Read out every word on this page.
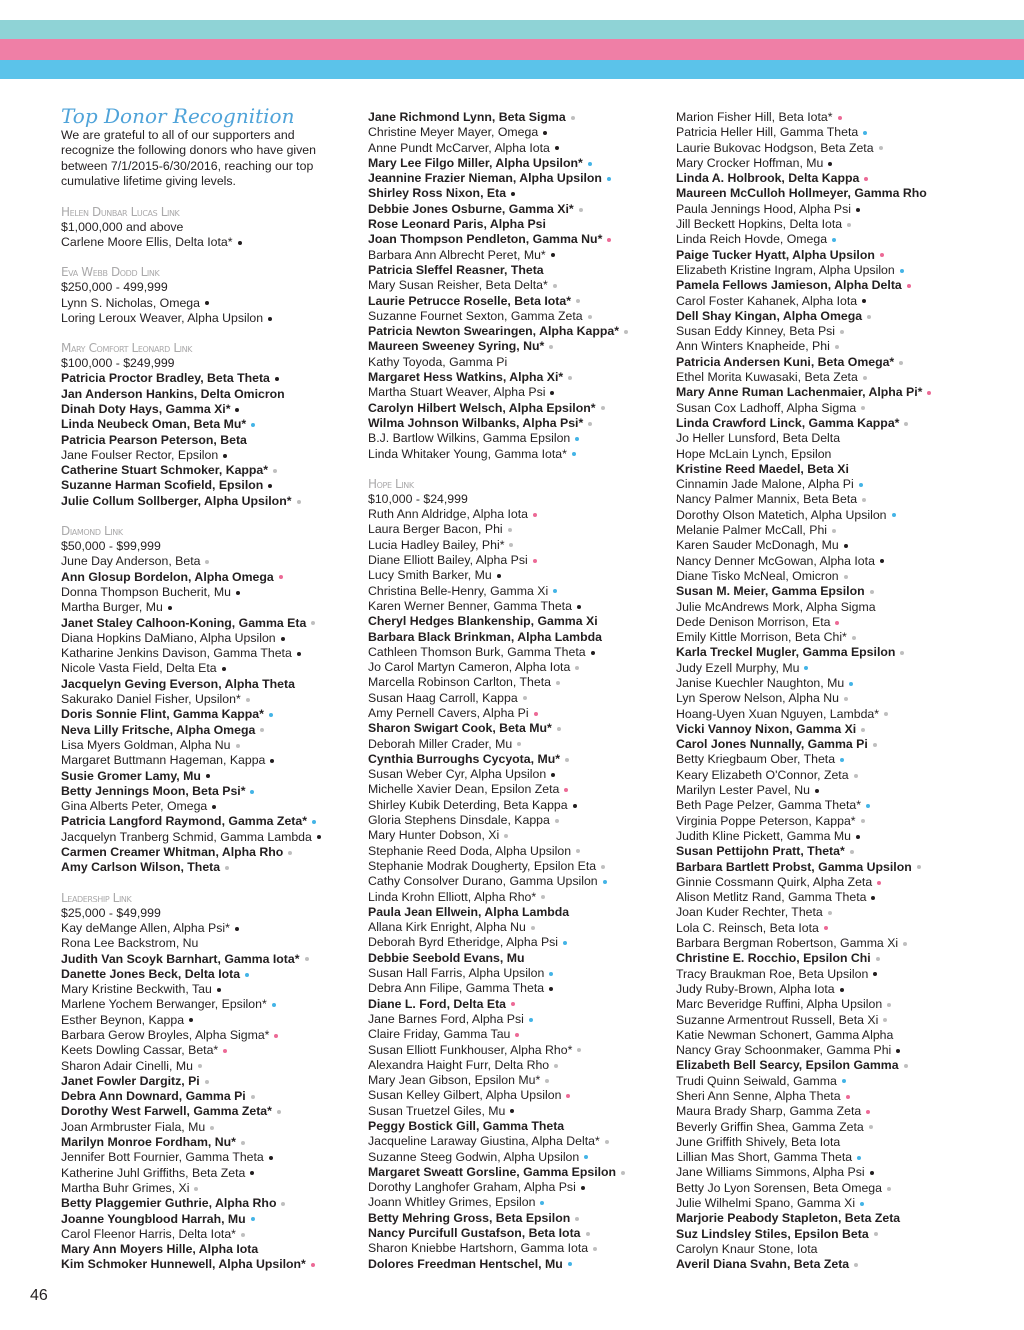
Top Donor Recognition
We are grateful to all of our supporters and recognize the following donors who have given between 7/1/2015-6/30/2016, reaching our top cumulative lifetime giving levels.
Helen Dunbar Lucas Link
$1,000,000 and above
Carlene Moore Ellis, Delta Iota*
Eva Webb Dodd Link
$250,000 - 499,999
Lynn S. Nicholas, Omega
Loring Leroux Weaver, Alpha Upsilon
Mary Comfort Leonard Link
$100,000 - $249,999
Patricia Proctor Bradley, Beta Theta
Jan Anderson Hankins, Delta Omicron
Dinah Doty Hays, Gamma Xi*
Linda Neubeck Oman, Beta Mu*
Patricia Pearson Peterson, Beta
Jane Foulser Rector, Epsilon
Catherine Stuart Schmoker, Kappa*
Suzanne Harman Scofield, Epsilon
Julie Collum Sollberger, Alpha Upsilon*
Diamond Link
$50,000 - $99,999
June Day Anderson, Beta
Ann Glosup Bordelon, Alpha Omega
Donna Thompson Bucherit, Mu
Martha Burger, Mu
Janet Staley Calhoon-Koning, Gamma Eta
Diana Hopkins DaMiano, Alpha Upsilon
Katharine Jenkins Davison, Gamma Theta
Nicole Vasta Field, Delta Eta
Jacquelyn Geving Everson, Alpha Theta
Sakurako Daniel Fisher, Upsilon*
Doris Sonnie Flint, Gamma Kappa*
Neva Lilly Fritsche, Alpha Omega
Lisa Myers Goldman, Alpha Nu
Margaret Buttmann Hageman, Kappa
Susie Gromer Lamy, Mu
Betty Jennings Moon, Beta Psi*
Gina Alberts Peter, Omega
Patricia Langford Raymond, Gamma Zeta*
Jacquelyn Tranberg Schmid, Gamma Lambda
Carmen Creamer Whitman, Alpha Rho
Amy Carlson Wilson, Theta
Leadership Link
$25,000 - $49,999
Kay deMange Allen, Alpha Psi*
Rona Lee Backstrom, Nu
Judith Van Scoyk Barnhart, Gamma Iota*
Danette Jones Beck, Delta Iota
Mary Kristine Beckwith, Tau
Marlene Yochem Berwanger, Epsilon*
Esther Beynon, Kappa
Barbara Gerow Broyles, Alpha Sigma*
Keets Dowling Cassar, Beta*
Sharon Adair Cinelli, Mu
Janet Fowler Dargitz, Pi
Debra Ann Downard, Gamma Pi
Dorothy West Farwell, Gamma Zeta*
Joan Armbruster Fiala, Mu
Marilyn Monroe Fordham, Nu*
Jennifer Bott Fournier, Gamma Theta
Katherine Juhl Griffiths, Beta Zeta
Martha Buhr Grimes, Xi
Betty Plaggemier Guthrie, Alpha Rho
Joanne Youngblood Harrah, Mu
Carol Fleenor Harris, Delta Iota*
Mary Ann Moyers Hille, Alpha Iota
Kim Schmoker Hunnewell, Alpha Upsilon*
Jane Richmond Lynn, Beta Sigma
Christine Meyer Mayer, Omega
Anne Pundt McCarver, Alpha Iota
Mary Lee Filgo Miller, Alpha Upsilon*
Jeannine Frazier Nieman, Alpha Upsilon
Shirley Ross Nixon, Eta
Debbie Jones Osburne, Gamma Xi*
Rose Leonard Paris, Alpha Psi
Joan Thompson Pendleton, Gamma Nu*
Barbara Ann Albrecht Peret, Mu*
Patricia Sleffel Reasner, Theta
Mary Susan Reisher, Beta Delta*
Laurie Petrucce Roselle, Beta Iota*
Suzanne Fournet Sexton, Gamma Zeta
Patricia Newton Swearingen, Alpha Kappa*
Maureen Sweeney Syring, Nu*
Kathy Toyoda, Gamma Pi
Margaret Hess Watkins, Alpha Xi*
Martha Stuart Weaver, Alpha Psi
Carolyn Hilbert Welsch, Alpha Epsilon*
Wilma Johnson Wilbanks, Alpha Psi*
B.J. Bartlow Wilkins, Gamma Epsilon
Linda Whitaker Young, Gamma Iota*
Hope Link
$10,000 - $24,999
Ruth Ann Aldridge, Alpha Iota
Laura Berger Bacon, Phi
Lucia Hadley Bailey, Phi*
Diane Elliott Bailey, Alpha Psi
Lucy Smith Barker, Mu
Christina Belle-Henry, Gamma Xi
Karen Werner Benner, Gamma Theta
Cheryl Hedges Blankenship, Gamma Xi
Barbara Black Brinkman, Alpha Lambda
Cathleen Thomson Burk, Gamma Theta
Jo Carol Martyn Cameron, Alpha Iota
Marcella Robinson Carlton, Theta
Susan Haag Carroll, Kappa
Amy Pernell Cavers, Alpha Pi
Sharon Swigart Cook, Beta Mu*
Deborah Miller Crader, Mu
Cynthia Burroughs Cycyota, Mu*
Susan Weber Cyr, Alpha Upsilon
Michelle Xavier Dean, Epsilon Zeta
Shirley Kubik Deterding, Beta Kappa
Gloria Stephens Dinsdale, Kappa
Mary Hunter Dobson, Xi
Stephanie Reed Doda, Alpha Upsilon
Stephanie Modrak Dougherty, Epsilon Eta
Cathy Consolver Durano, Gamma Upsilon
Linda Krohn Elliott, Alpha Rho*
Paula Jean Ellwein, Alpha Lambda
Allana Kirk Enright, Alpha Nu
Deborah Byrd Etheridge, Alpha Psi
Debbie Seebold Evans, Mu
Susan Hall Farris, Alpha Upsilon
Debra Ann Filipe, Gamma Theta
Diane L. Ford, Delta Eta
Jane Barnes Ford, Alpha Psi
Claire Friday, Gamma Tau
Susan Elliott Funkhouser, Alpha Rho*
Alexandra Haight Furr, Delta Rho
Mary Jean Gibson, Epsilon Mu*
Susan Kelley Gilbert, Alpha Upsilon
Susan Truetzel Giles, Mu
Peggy Bostick Gill, Gamma Theta
Jacqueline Laraway Giustina, Alpha Delta*
Suzanne Steeg Godwin, Alpha Upsilon
Margaret Sweatt Gorsline, Gamma Epsilon
Dorothy Langhofer Graham, Alpha Psi
Joann Whitley Grimes, Epsilon
Betty Mehring Gross, Beta Epsilon
Nancy Purcifull Gustafson, Beta Iota
Sharon Kniebbe Hartshorn, Gamma Iota
Dolores Freedman Hentschel, Mu
Marion Fisher Hill, Beta Iota*
Patricia Heller Hill, Gamma Theta
Laurie Bukovac Hodgson, Beta Zeta
Mary Crocker Hoffman, Mu
Linda A. Holbrook, Delta Kappa
Maureen McCulloh Hollmeyer, Gamma Rho
Paula Jennings Hood, Alpha Psi
Jill Beckett Hopkins, Delta Iota
Linda Reich Hovde, Omega
Paige Tucker Hyatt, Alpha Upsilon
Elizabeth Kristine Ingram, Alpha Upsilon
Pamela Fellows Jamieson, Alpha Delta
Carol Foster Kahanek, Alpha Iota
Dell Shay Kingan, Alpha Omega
Susan Eddy Kinney, Beta Psi
Ann Winters Knapheide, Phi
Patricia Andersen Kuni, Beta Omega*
Ethel Morita Kuwasaki, Beta Zeta
Mary Anne Ruman Lachenmaier, Alpha Pi*
Susan Cox Ladhoff, Alpha Sigma
Linda Crawford Linck, Gamma Kappa*
Jo Heller Lunsford, Beta Delta
Hope McLain Lynch, Epsilon
Kristine Reed Maedel, Beta Xi
Cinnamin Jade Malone, Alpha Pi
Nancy Palmer Mannix, Beta Beta
Dorothy Olson Matetich, Alpha Upsilon
Melanie Palmer McCall, Phi
Karen Sauder McDonagh, Mu
Nancy Denner McGowan, Alpha Iota
Diane Tisko McNeal, Omicron
Susan M. Meier, Gamma Epsilon
Julie McAndrews Mork, Alpha Sigma
Dede Denison Morrison, Eta
Emily Kittle Morrison, Beta Chi*
Karla Treckel Mugler, Gamma Epsilon
Judy Ezell Murphy, Mu
Janise Kuechler Naughton, Mu
Lyn Sperow Nelson, Alpha Nu
Hoang-Uyen Xuan Nguyen, Lambda*
Vicki Vannoy Nixon, Gamma Xi
Carol Jones Nunnally, Gamma Pi
Betty Kriegbaum Ober, Theta
Keary Elizabeth O'Connor, Zeta
Marilyn Lester Pavel, Nu
Beth Page Pelzer, Gamma Theta*
Virginia Poppe Peterson, Kappa*
Judith Kline Pickett, Gamma Mu
Susan Pettijohn Pratt, Theta*
Barbara Bartlett Probst, Gamma Upsilon
Ginnie Cossmann Quirk, Alpha Zeta
Alison Metlitz Rand, Gamma Theta
Joan Kuder Rechter, Theta
Lola C. Reinsch, Beta Iota
Barbara Bergman Robertson, Gamma Xi
Christine E. Rocchio, Epsilon Chi
Tracy Braukman Roe, Beta Upsilon
Judy Ruby-Brown, Alpha Iota
Marc Beveridge Ruffini, Alpha Upsilon
Suzanne Armentrout Russell, Beta Xi
Katie Newman Schonert, Gamma Alpha
Nancy Gray Schoonmaker, Gamma Phi
Elizabeth Bell Searcy, Epsilon Gamma
Trudi Quinn Seiwald, Gamma
Sheri Ann Senne, Alpha Theta
Maura Brady Sharp, Gamma Zeta
Beverly Griffin Shea, Gamma Zeta
June Griffith Shively, Beta Iota
Lillian Mas Short, Gamma Theta
Jane Williams Simmons, Alpha Psi
Betty Jo Lyon Sorensen, Beta Omega
Julie Wilhelmi Spano, Gamma Xi
Marjorie Peabody Stapleton, Beta Zeta
Suz Lindsley Stiles, Epsilon Beta
Carolyn Knaur Stone, Iota
Averil Diana Svahn, Beta Zeta
46
